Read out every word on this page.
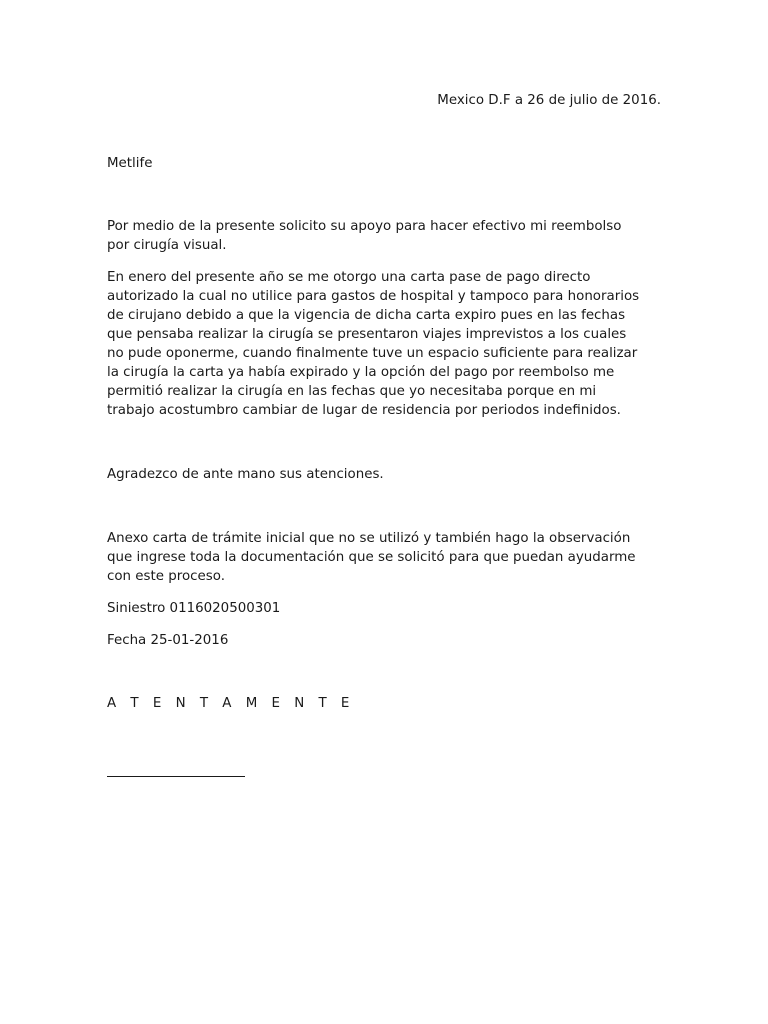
Mexico D.F a 26 de julio de 2016.

Metlife

Por medio de la presente solicito su apoyo para hacer efectivo mi reembolso
por cirugía visual.

En enero del presente año se me otorgo una carta pase de pago directo
autorizado la cual no utilice para gastos de hospital y tampoco para honorarios
de cirujano debido a que la vigencia de dicha carta expiro pues en las fechas
que pensaba realizar la cirugía se presentaron viajes imprevistos a los cuales
no pude oponerme, cuando finalmente tuve un espacio suficiente para realizar
la cirugía la carta ya había expirado y la opción del pago por reembolso me
permitió realizar la cirugía en las fechas que yo necesitaba porque en mi
trabajo acostumbro cambiar de lugar de residencia por periodos indefinidos.

Agradezco de ante mano sus atenciones.

Anexo carta de trámite inicial que no se utilizó y también hago la observación
que ingrese toda la documentación que se solicitó para que puedan ayudarme
con este proceso.

Siniestro 0116020500301

Fecha 25-01-2016

A T E N T A M E N T E
